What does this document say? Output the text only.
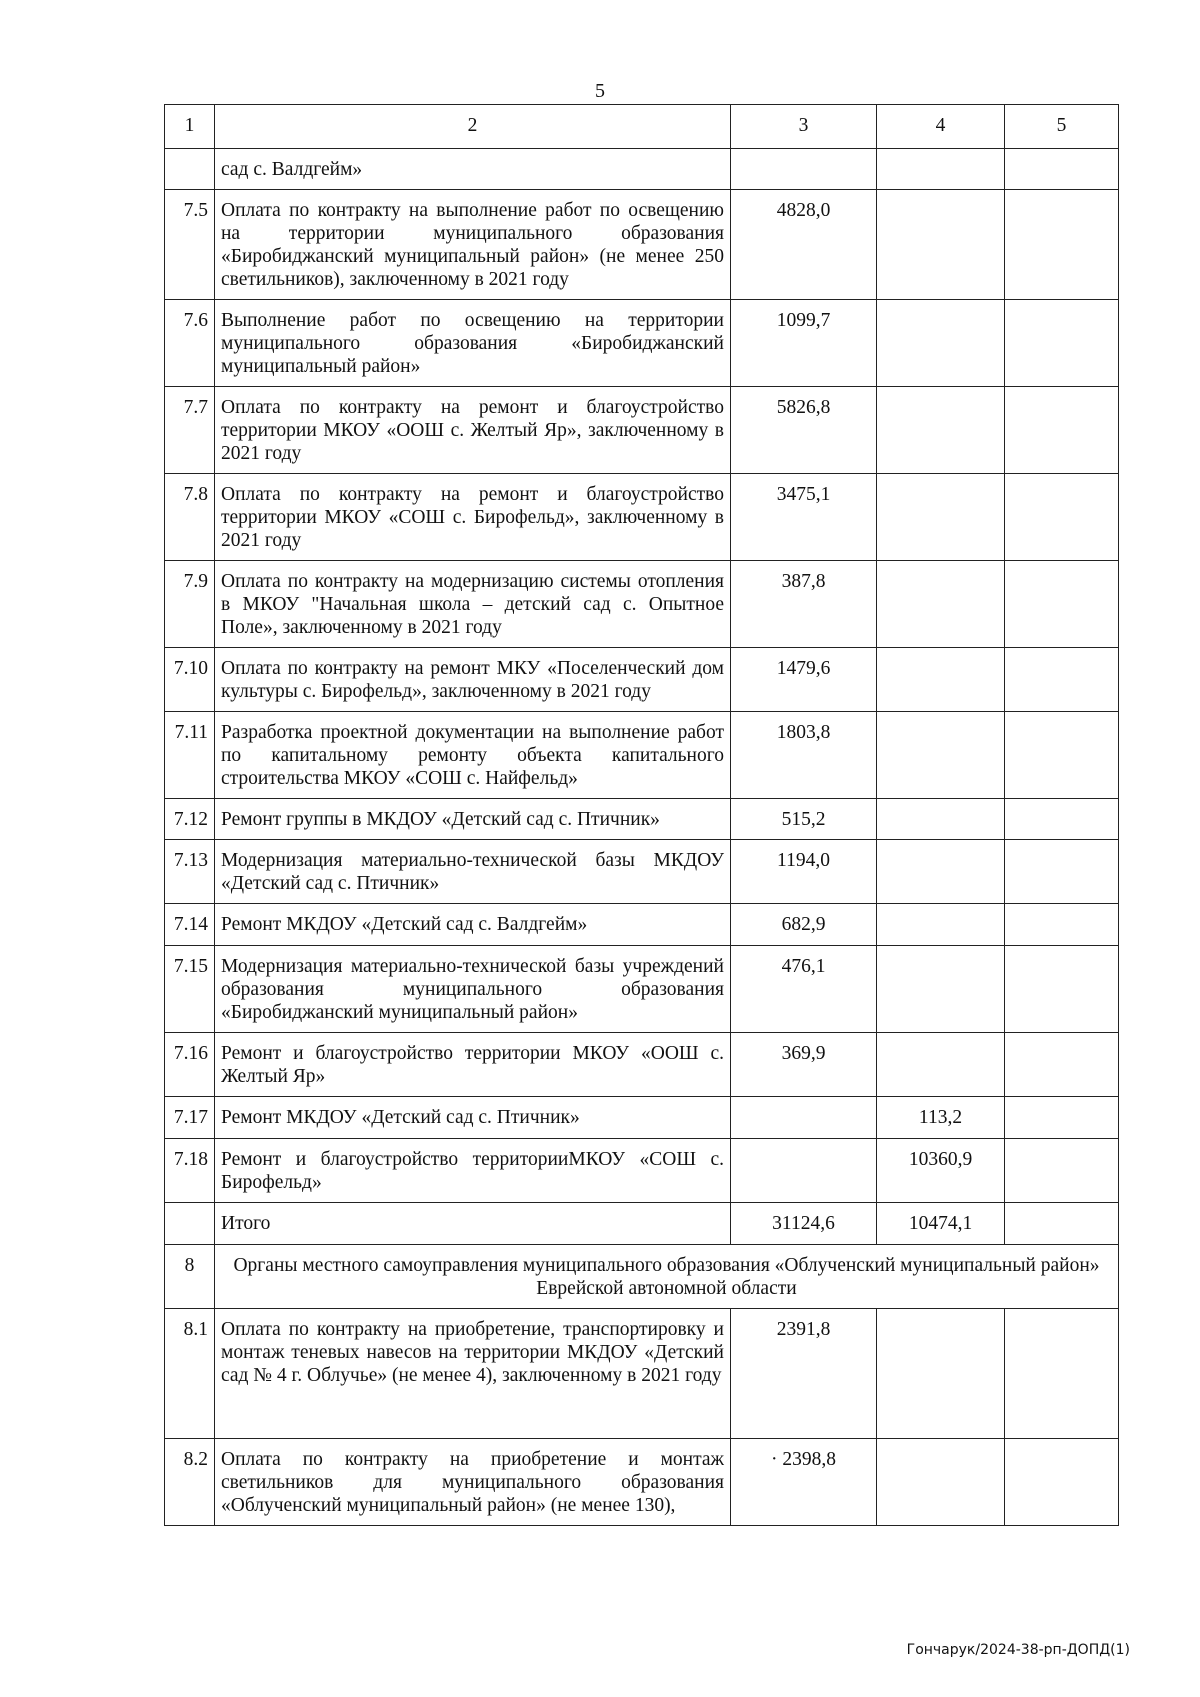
5
1	2	3	4	5
	сад с. Валдгейм»			
7.5	Оплата по контракту на выполнение работ по освещению на территории муниципального образования «Биробиджанский муниципальный район» (не менее 250 светильников), заключенному в 2021 году	4828,0		
7.6	Выполнение работ по освещению на территории муниципального образования «Биробиджанский муниципальный район»	1099,7		
7.7	Оплата по контракту на ремонт и благоустройство территории МКОУ «ООШ с. Желтый Яр», заключенному в 2021 году	5826,8		
7.8	Оплата по контракту на ремонт и благоустройство территории МКОУ «СОШ с. Бирофельд», заключенному в 2021 году	3475,1		
7.9	Оплата по контракту на модернизацию системы отопления в МКОУ "Начальная школа – детский сад с. Опытное Поле», заключенному в 2021 году	387,8		
7.10	Оплата по контракту на ремонт МКУ «Поселенческий дом культуры с. Бирофельд», заключенному в 2021 году	1479,6		
7.11	Разработка проектной документации на выполнение работ по капитальному ремонту объекта капитального строительства МКОУ «СОШ с. Найфельд»	1803,8		
7.12	Ремонт группы в МКДОУ «Детский сад с. Птичник»	515,2		
7.13	Модернизация материально-технической базы МКДОУ «Детский сад с. Птичник»	1194,0		
7.14	Ремонт МКДОУ «Детский сад с. Валдгейм»	682,9		
7.15	Модернизация материально-технической базы учреждений образования муниципального образования «Биробиджанский муниципальный район»	476,1		
7.16	Ремонт и благоустройство территории МКОУ «ООШ с. Желтый Яр»	369,9		
7.17	Ремонт МКДОУ «Детский сад с. Птичник»		113,2	
7.18	Ремонт и благоустройство территорииМКОУ «СОШ с. Бирофельд»		10360,9	
	Итого	31124,6	10474,1	
8	Органы местного самоуправления муниципального образования «Облученский муниципальный район» Еврейской автономной области			
8.1	Оплата по контракту на приобретение, транспортировку и монтаж теневых навесов на территории МКДОУ «Детский сад № 4 г. Облучье» (не менее 4), заключенному в 2021 году	2391,8		
8.2	Оплата по контракту на приобретение и монтаж светильников для муниципального образования «Облученский муниципальный район» (не менее 130),	· 2398,8		
Гончарук/2024-38-рп-ДОПД(1)
